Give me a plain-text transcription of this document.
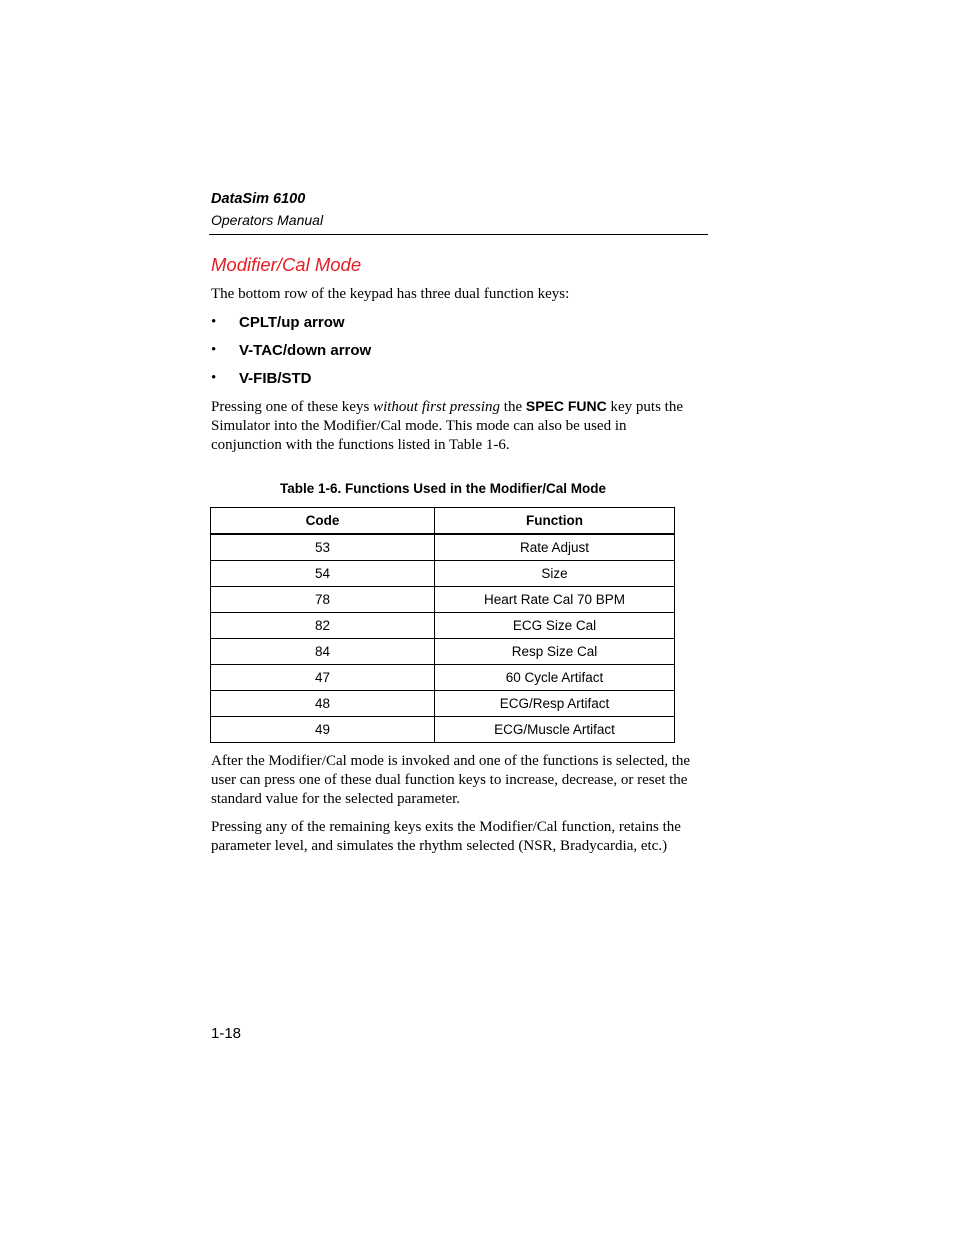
DataSim 6100
Operators Manual
Modifier/Cal Mode

The bottom row of the keypad has three dual function keys:

• CPLT/up arrow
• V-TAC/down arrow
• V-FIB/STD

Pressing one of these keys without first pressing the SPEC FUNC key puts the Simulator into the Modifier/Cal mode. This mode can also be used in conjunction with the functions listed in Table 1-6.

Table 1-6. Functions Used in the Modifier/Cal Mode
Code	Function
53	Rate Adjust
54	Size
78	Heart Rate Cal 70 BPM
82	ECG Size Cal
84	Resp Size Cal
47	60 Cycle Artifact
48	ECG/Resp Artifact
49	ECG/Muscle Artifact

After the Modifier/Cal mode is invoked and one of the functions is selected, the user can press one of these dual function keys to increase, decrease, or reset the standard value for the selected parameter.

Pressing any of the remaining keys exits the Modifier/Cal function, retains the parameter level, and simulates the rhythm selected (NSR, Bradycardia, etc.)

1-18
